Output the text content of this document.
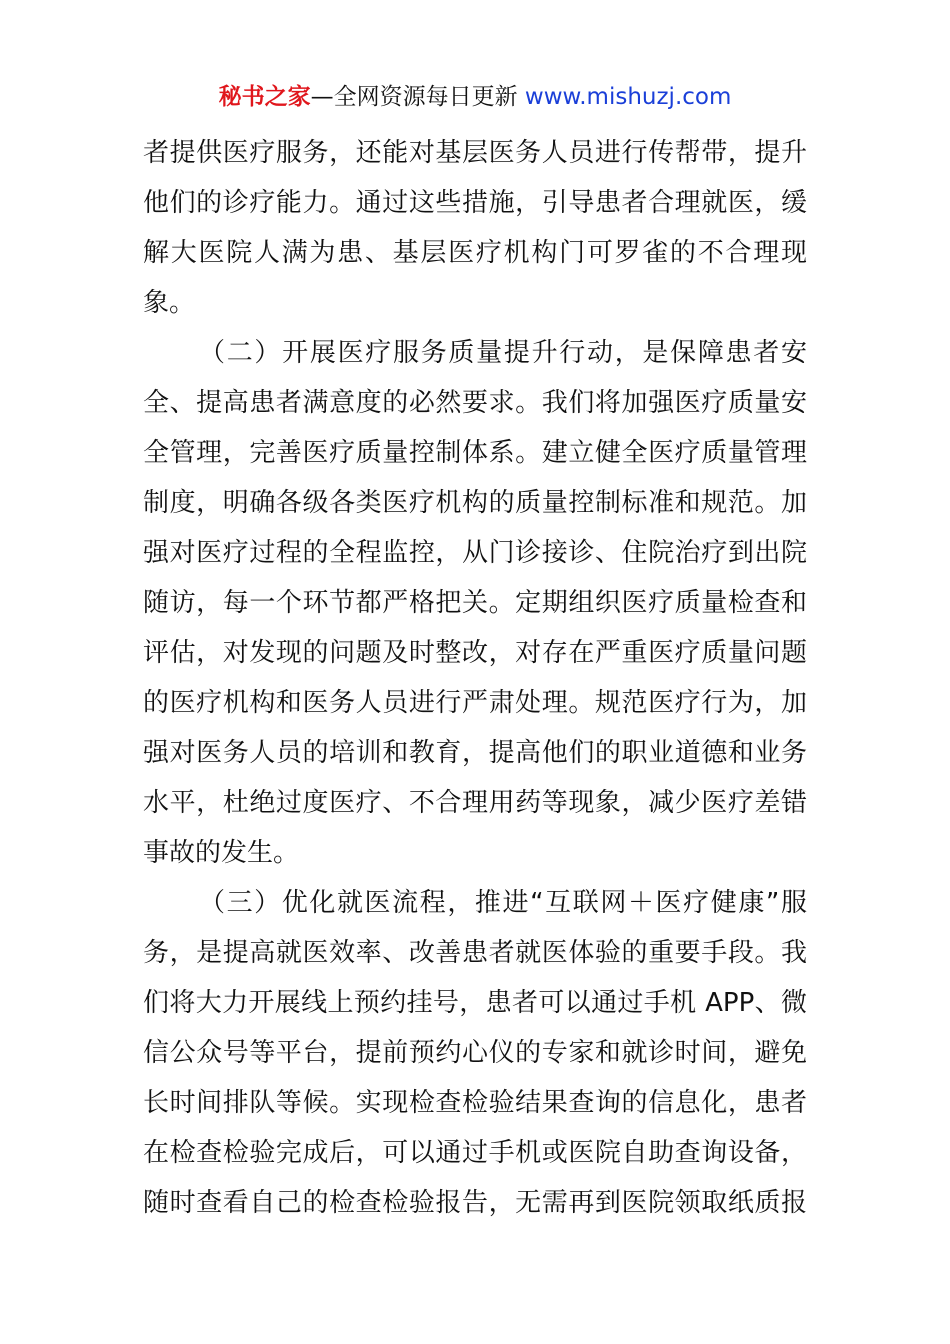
秘书之家—全网资源每日更新 www.mishuzj.com
者提供医疗服务，还能对基层医务人员进行传帮带，提升
他们的诊疗能力。通过这些措施，引导患者合理就医，缓
解大医院人满为患、基层医疗机构门可罗雀的不合理现
象。
（二）开展医疗服务质量提升行动，是保障患者安
全、提高患者满意度的必然要求。我们将加强医疗质量安
全管理，完善医疗质量控制体系。建立健全医疗质量管理
制度，明确各级各类医疗机构的质量控制标准和规范。加
强对医疗过程的全程监控，从门诊接诊、住院治疗到出院
随访，每一个环节都严格把关。定期组织医疗质量检查和
评估，对发现的问题及时整改，对存在严重医疗质量问题
的医疗机构和医务人员进行严肃处理。规范医疗行为，加
强对医务人员的培训和教育，提高他们的职业道德和业务
水平，杜绝过度医疗、不合理用药等现象，减少医疗差错
事故的发生。
（三）优化就医流程，推进“互联网＋医疗健康”服
务，是提高就医效率、改善患者就医体验的重要手段。我
们将大力开展线上预约挂号，患者可以通过手机 APP、微
信公众号等平台，提前预约心仪的专家和就诊时间，避免
长时间排队等候。实现检查检验结果查询的信息化，患者
在检查检验完成后，可以通过手机或医院自助查询设备，
随时查看自己的检查检验报告，无需再到医院领取纸质报
